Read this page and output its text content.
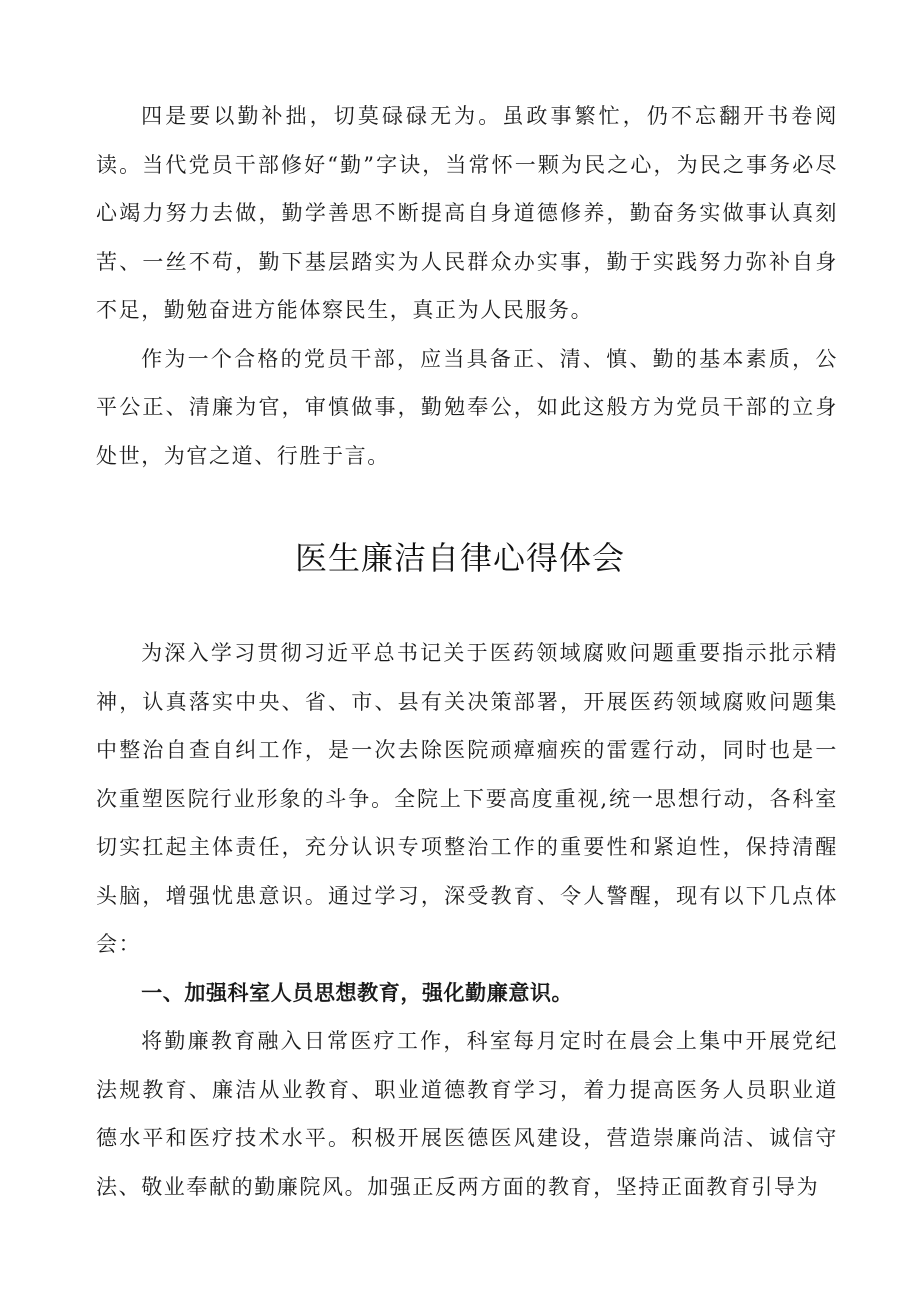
四是要以勤补拙，切莫碌碌无为。虽政事繁忙，仍不忘翻开书卷阅读。当代党员干部修好“勤”字诀，当常怀一颗为民之心，为民之事务必尽心竭力努力去做，勤学善思不断提高自身道德修养，勤奋务实做事认真刻苦、一丝不苟，勤下基层踏实为人民群众办实事，勤于实践努力弥补自身不足，勤勉奋进方能体察民生，真正为人民服务。

作为一个合格的党员干部，应当具备正、清、慎、勤的基本素质，公平公正、清廉为官，审慎做事，勤勉奉公，如此这般方为党员干部的立身处世，为官之道、行胜于言。

医生廉洁自律心得体会

为深入学习贯彻习近平总书记关于医药领域腐败问题重要指示批示精神，认真落实中央、省、市、县有关决策部署，开展医药领域腐败问题集中整治自查自纠工作，是一次去除医院顽瘴痼疾的雷霆行动，同时也是一次重塑医院行业形象的斗争。全院上下要高度重视,统一思想行动，各科室切实扛起主体责任，充分认识专项整治工作的重要性和紧迫性，保持清醒头脑，增强忧患意识。通过学习，深受教育、令人警醒，现有以下几点体会：

一、加强科室人员思想教育，强化勤廉意识。

将勤廉教育融入日常医疗工作，科室每月定时在晨会上集中开展党纪法规教育、廉洁从业教育、职业道德教育学习，着力提高医务人员职业道德水平和医疗技术水平。积极开展医德医风建设，营造崇廉尚洁、诚信守法、敬业奉献的勤廉院风。加强正反两方面的教育，坚持正面教育引导为
